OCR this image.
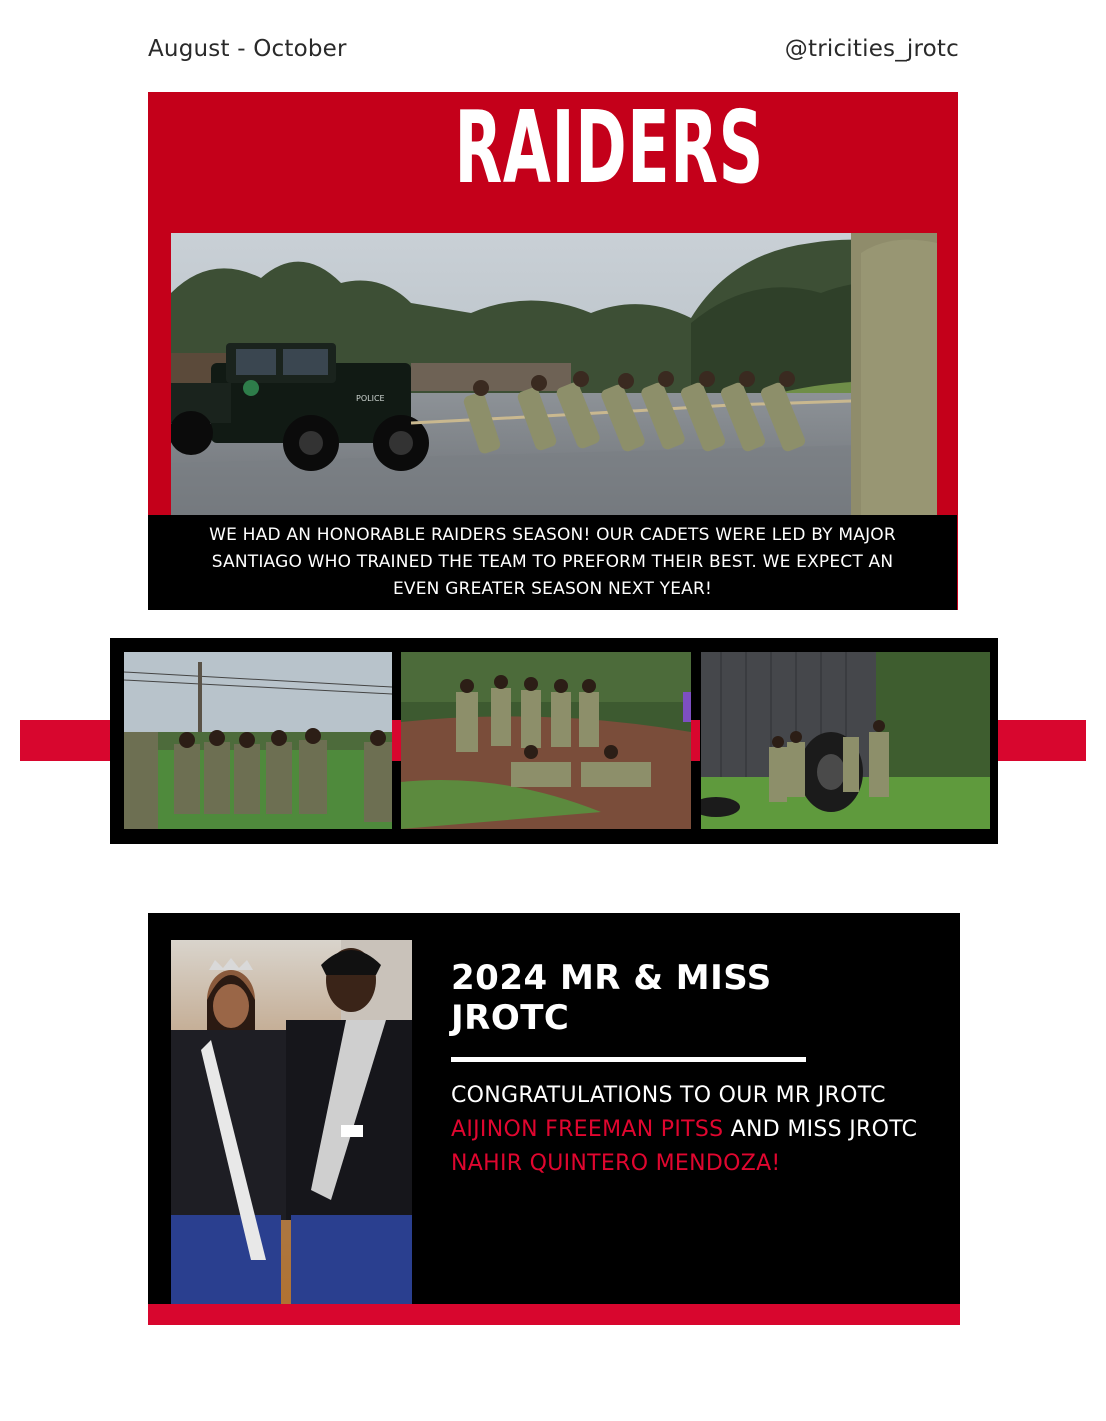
August - October	@tricities_jrotc
RAIDERS
POLICE
WE HAD AN HONORABLE RAIDERS SEASON! OUR CADETS WERE LED BY MAJOR SANTIAGO WHO TRAINED THE TEAM TO PREFORM THEIR BEST. WE EXPECT AN EVEN GREATER SEASON NEXT YEAR!
2024 MR & MISS JROTC
CONGRATULATIONS TO OUR MR JROTC AIJINON FREEMAN PITSS AND MISS JROTC NAHIR QUINTERO MENDOZA!
